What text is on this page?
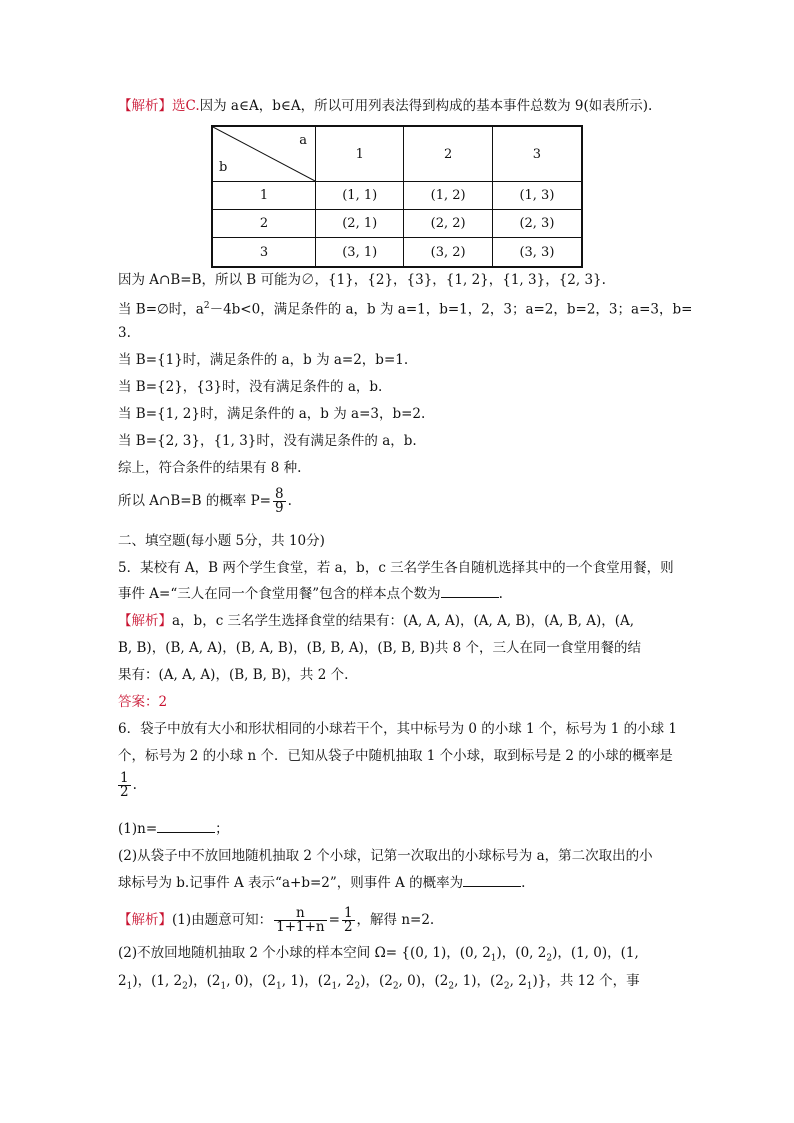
【解析】选C.因为 a∈A，b∈A，所以可用列表法得到构成的基本事件总数为 9(如表所示).
a
b	1	2	3
1	(1, 1)	(1, 2)	(1, 3)
2	(2, 1)	(2, 2)	(2, 3)
3	(3, 1)	(3, 2)	(3, 3)
因为 A∩B=B，所以 B 可能为∅，{1}，{2}，{3}，{1, 2}，{1, 3}，{2, 3}.
当 B=∅时，$a^2-4b<0$，满足条件的 a，b 为 a=1，b=1，2，3；a=2，b=2，3；a=3，b=
3.
当 B={1}时，满足条件的 a，b 为 a=2，b=1.
当 B={2}，{3}时，没有满足条件的 a，b.
当 B={1, 2}时，满足条件的 a，b 为 a=3，b=2.
当 B={2, 3}，{1, 3}时，没有满足条件的 a，b.
综上，符合条件的结果有 8 种.
所以 A∩B=B 的概率 $P= \frac{8}{9}$ .
二、填空题(每小题 5分，共 10分)
5．某校有 A，B 两个学生食堂，若 a，b，c 三名学生各自随机选择其中的一个食堂用餐，则
事件 A=“三人在同一个食堂用餐”包含的样本点个数为	.
【解析】a，b，c 三名学生选择食堂的结果有：(A, A, A)，(A, A, B)，(A, B, A)，(A,
B, B)，(B, A, A)，(B, A, B)，(B, B, A)，(B, B, B)共 8 个，三人在同一食堂用餐的结
果有：(A, A, A)，(B, B, B)，共 2 个.
答案：2
6．袋子中放有大小和形状相同的小球若干个，其中标号为 0 的小球 1 个，标号为 1 的小球 1
个，标号为 2 的小球 n 个．已知从袋子中随机抽取 1 个小球，取到标号是 2 的小球的概率是
$\frac{1}{2}$ .
(1)n=	；
(2)从袋子中不放回地随机抽取 2 个小球，记第一次取出的小球标号为 a，第二次取出的小
球标号为 b.记事件 A 表示“a+b=2”，则事件 A 的概率为	.
【解析】(1)由题意可知： $\frac{n}{1+1+n} = \frac{1}{2}$ ，解得 n=2.
(2)不放回地随机抽取 2 个小球的样本空间 Ω= {(0, 1)，(0, $2_1$)，(0, $2_2$)，(1, 0)，(1,
$2_1$)，(1, $2_2$)，($2_1$, 0)，($2_1$, 1)，($2_1$, $2_2$)，($2_2$, 0)，($2_2$, 1)，($2_2$, $2_1$)}，共 12 个，事
